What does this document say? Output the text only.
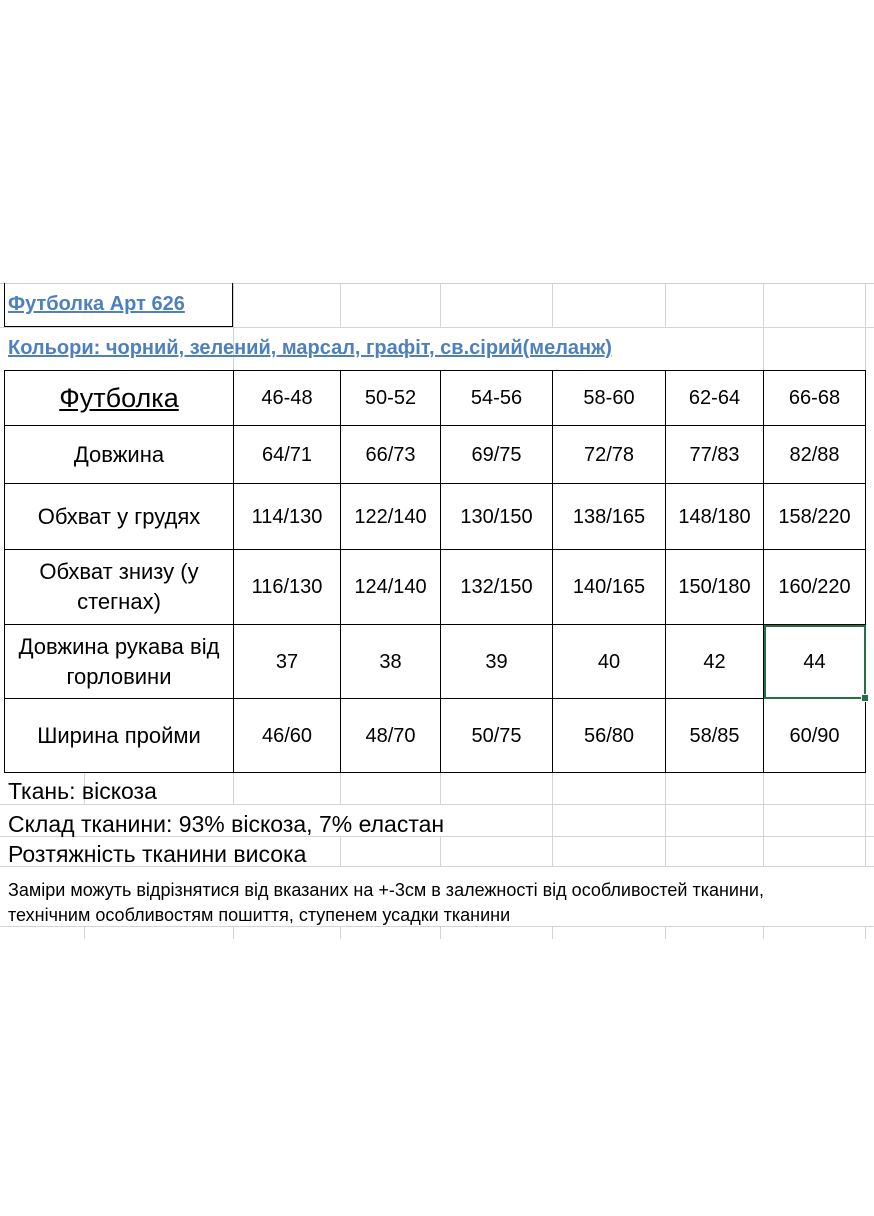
Футболка Арт 626
Кольори: чорний, зелений, марсал, графіт, св.сірий(меланж)
Футболка	46-48	50-52	54-56	58-60	62-64	66-68
Довжина	64/71	66/73	69/75	72/78	77/83	82/88
Обхват у грудях	114/130	122/140	130/150	138/165	148/180	158/220
Обхват знизу (у стегнах)	116/130	124/140	132/150	140/165	150/180	160/220
Довжина рукава від горловини	37	38	39	40	42	44

Ширина пройми	46/60	48/70	50/75	56/80	58/85	60/90
Ткань: віскоза
Склад тканини: 93% віскоза, 7% еластан
Розтяжність тканини висока
Заміри можуть відрізнятися від вказаних на +-3см в залежності від особливостей тканини,
технічним особливостям пошиття, ступенем усадки тканини
